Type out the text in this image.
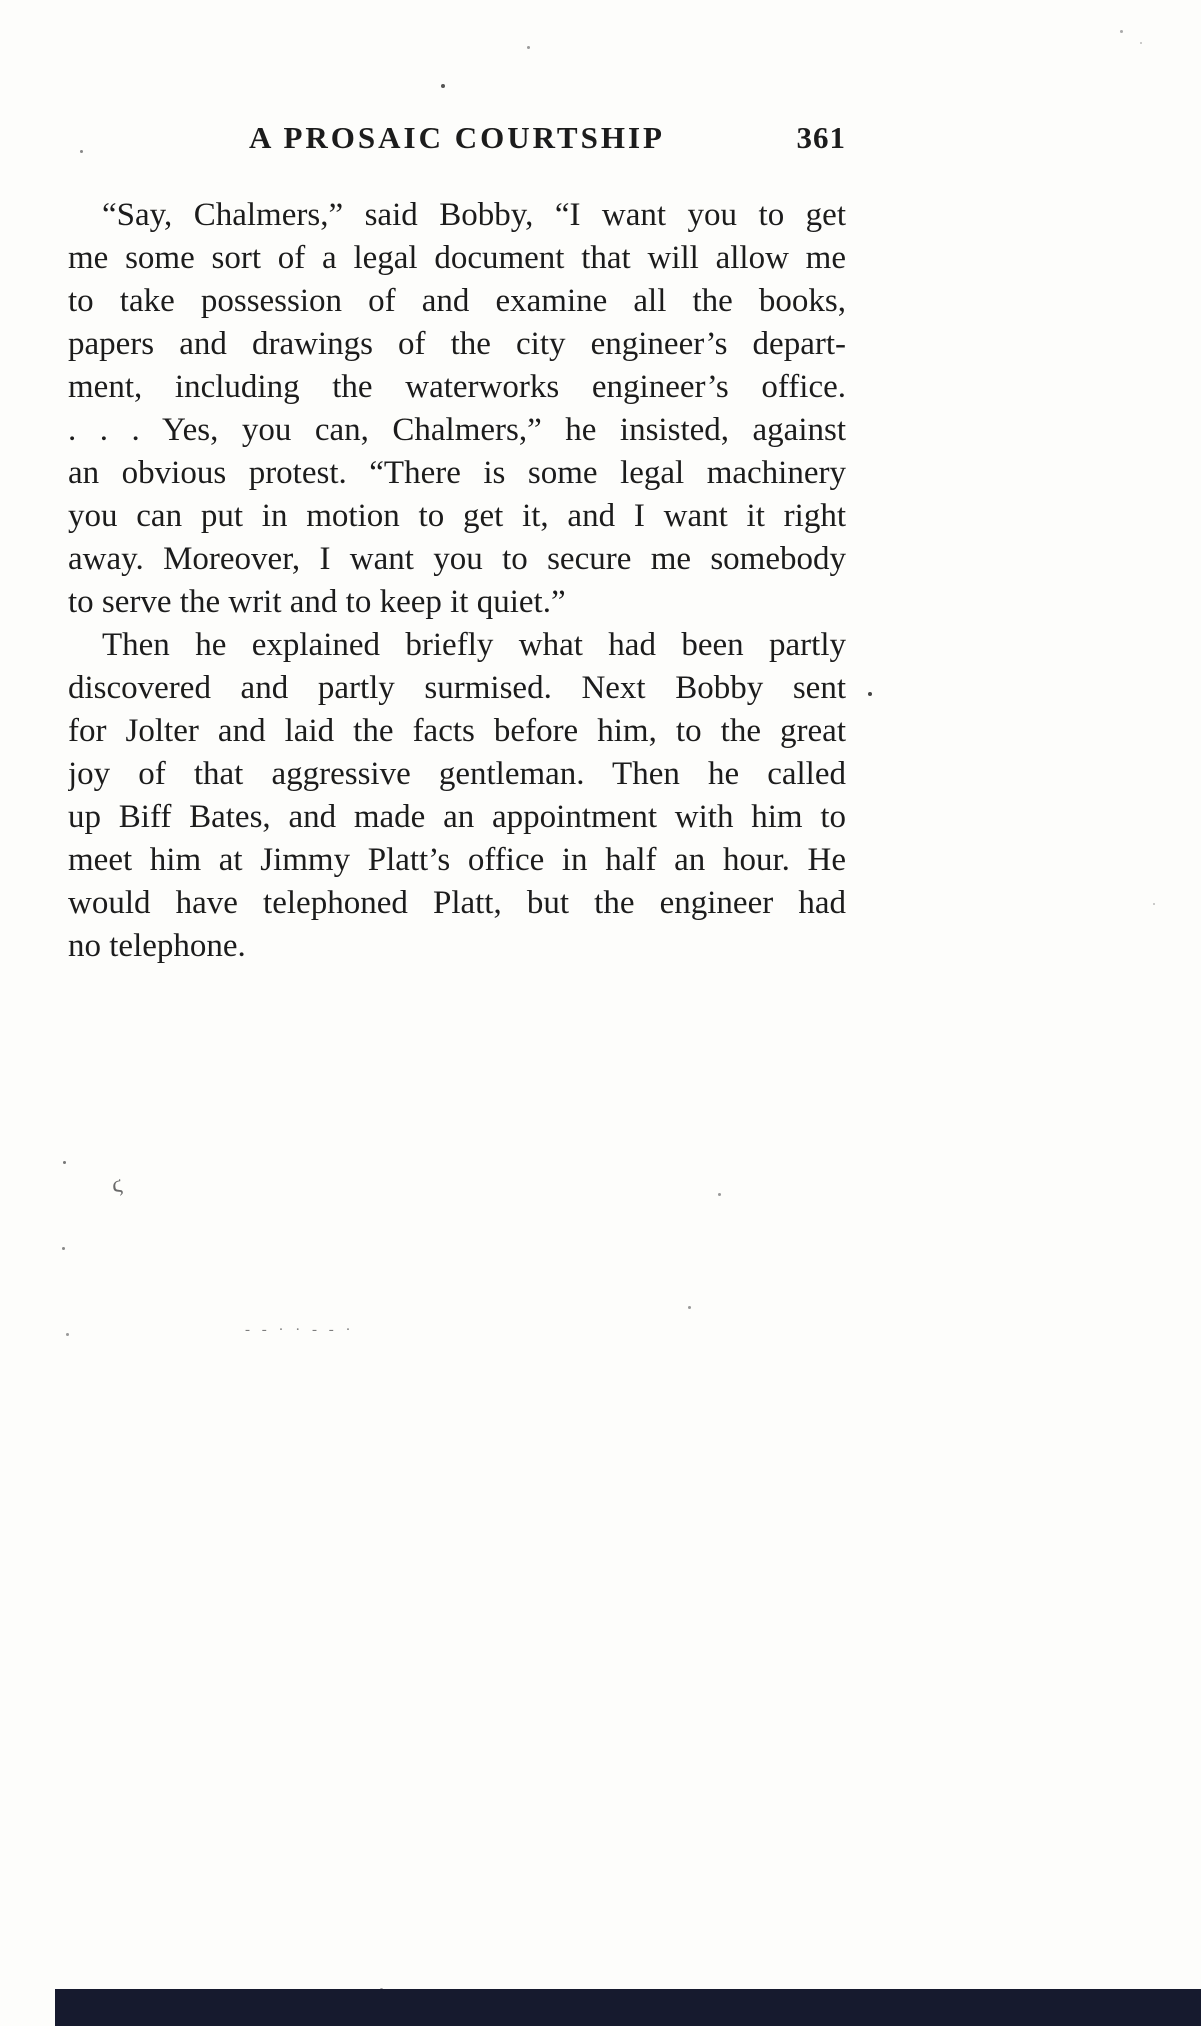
A PROSAIC COURTSHIP	361
“Say, Chalmers,” said Bobby, “I want you to get
me some sort of a legal document that will allow me
to take possession of and examine all the books,
papers and drawings of the city engineer’s depart-
ment, including the waterworks engineer’s office.
. . . Yes, you can, Chalmers,” he insisted, against
an obvious protest. “There is some legal machinery
you can put in motion to get it, and I want it right
away. Moreover, I want you to secure me somebody
to serve the writ and to keep it quiet.”
Then he explained briefly what had been partly
discovered and partly surmised. Next Bobby sent
for Jolter and laid the facts before him, to the great
joy of that aggressive gentleman. Then he called
up Biff Bates, and made an appointment with him to
meet him at Jimmy Platt’s office in half an hour. He
would have telephoned Platt, but the engineer had
no telephone.
ϛ
‐ ‐ · · ‐ ‐ ·
